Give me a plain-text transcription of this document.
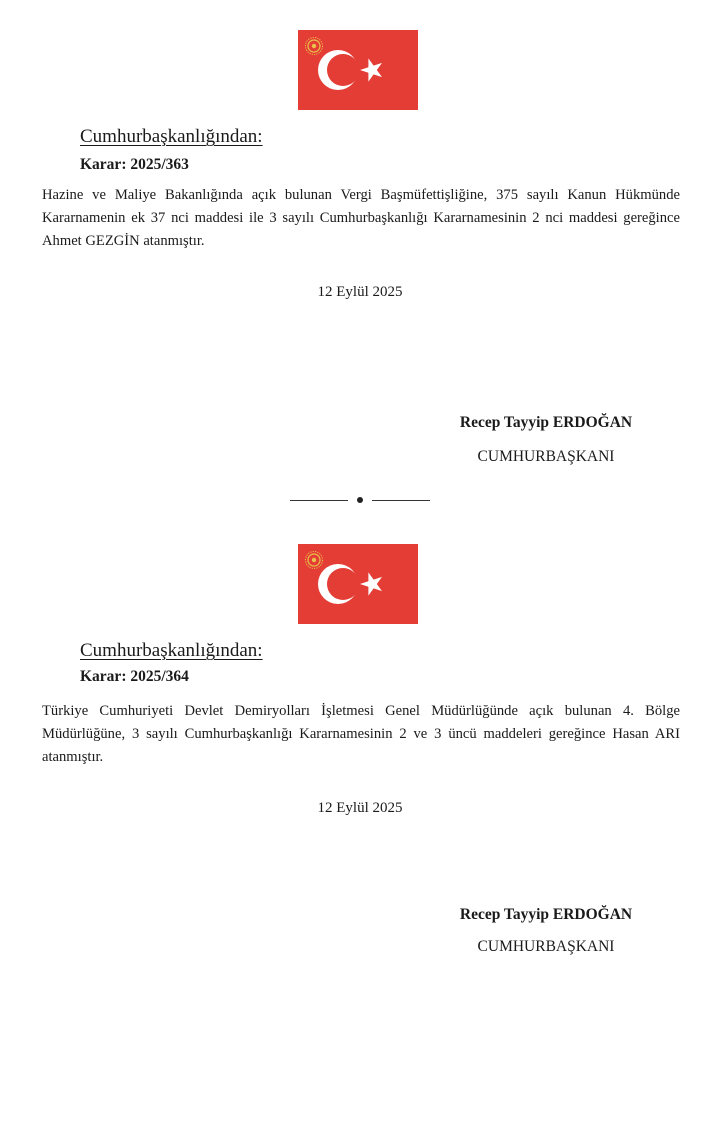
Cumhurbaşkanlığından:
Karar: 2025/363

Hazine ve Maliye Bakanlığında açık bulunan Vergi Başmüfettişliğine, 375 sayılı Kanun Hükmünde Kararnamenin ek 37 nci maddesi ile 3 sayılı Cumhurbaşkanlığı Kararnamesinin 2 nci maddesi gereğince Ahmet GEZGİN atanmıştır.

12 Eylül 2025
Recep Tayyip ERDOĞAN
CUMHURBAŞKANI
Cumhurbaşkanlığından:
Karar: 2025/364

Türkiye Cumhuriyeti Devlet Demiryolları İşletmesi Genel Müdürlüğünde açık bulunan 4. Bölge Müdürlüğüne, 3 sayılı Cumhurbaşkanlığı Kararnamesinin 2 ve 3 üncü maddeleri gereğince Hasan ARI atanmıştır.

12 Eylül 2025
Recep Tayyip ERDOĞAN
CUMHURBAŞKANI
